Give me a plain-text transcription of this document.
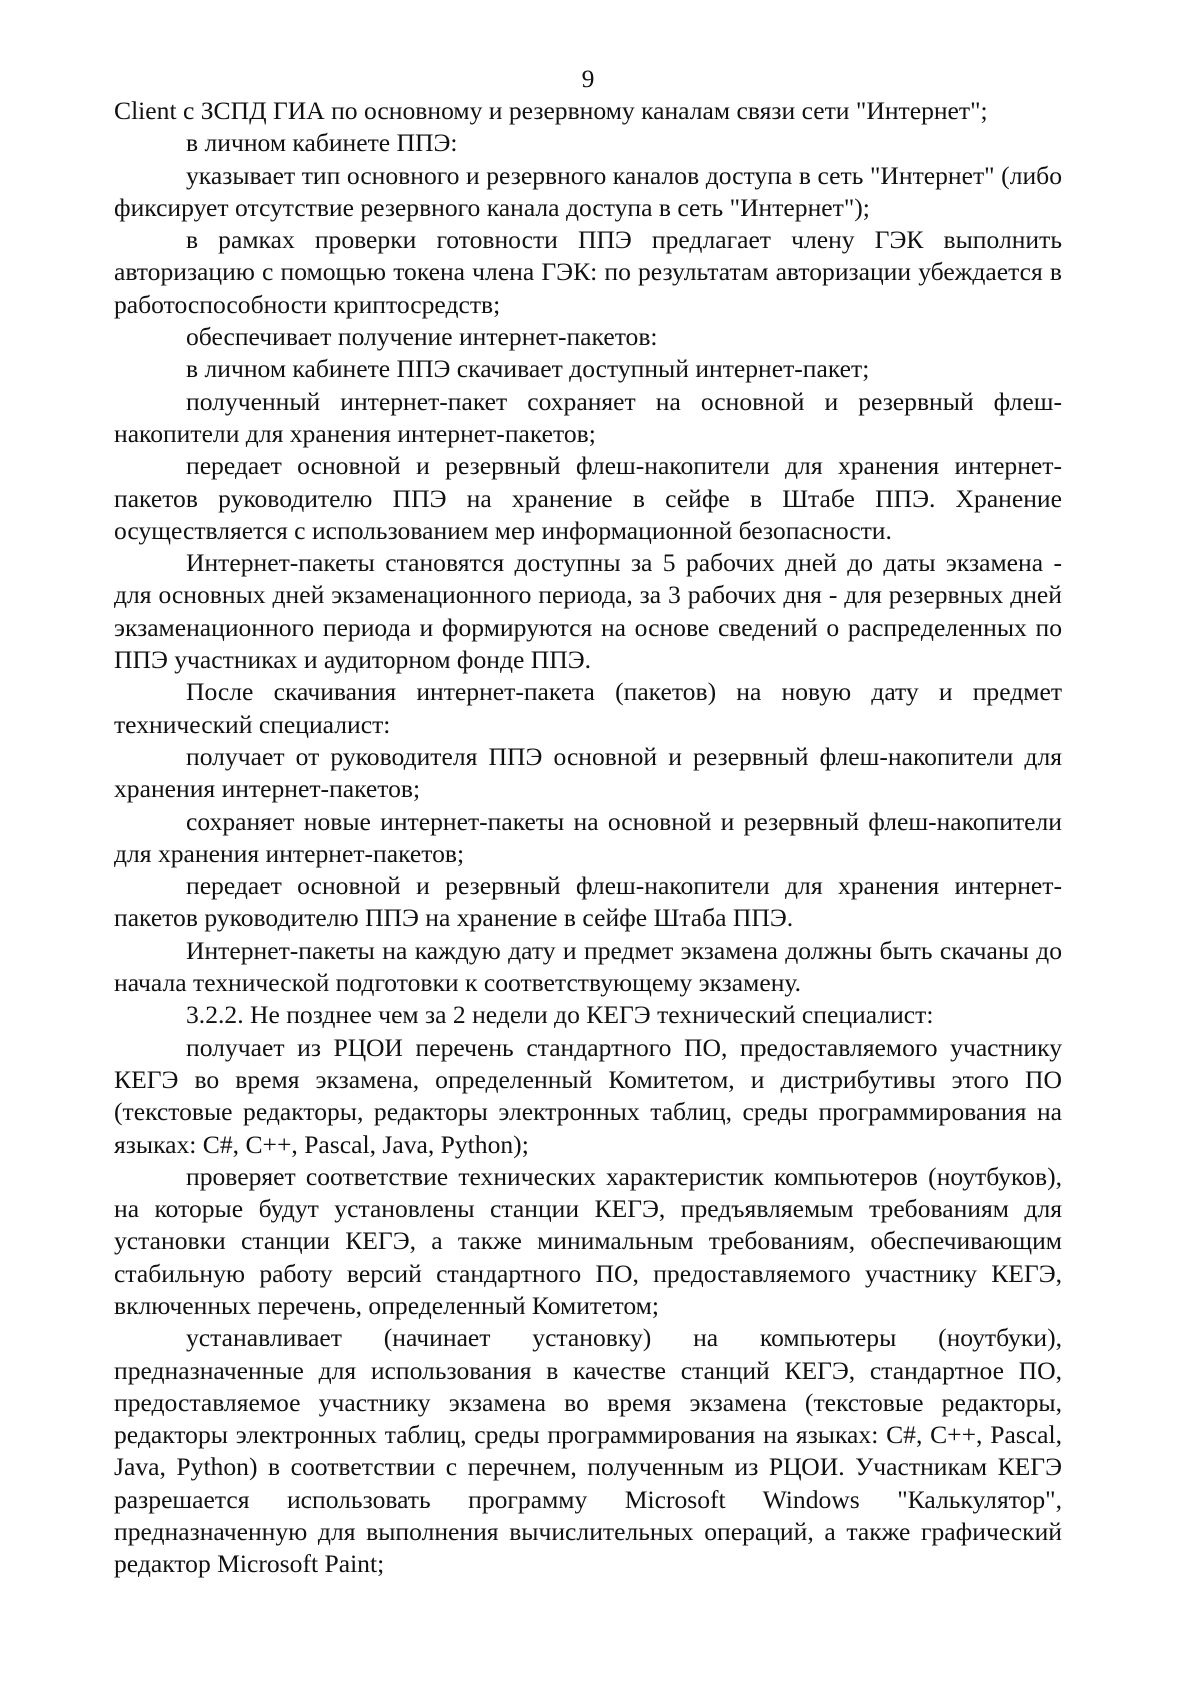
9

Client с ЗСПД ГИА по основному и резервному каналам связи сети "Интернет";

в личном кабинете ППЭ:

указывает тип основного и резервного каналов доступа в сеть "Интернет" (либо фиксирует отсутствие резервного канала доступа в сеть "Интернет");

в рамках проверки готовности ППЭ предлагает члену ГЭК выполнить авторизацию с помощью токена члена ГЭК: по результатам авторизации убеждается в работоспособности криптосредств;

обеспечивает получение интернет-пакетов:

в личном кабинете ППЭ скачивает доступный интернет-пакет;

полученный интернет-пакет сохраняет на основной и резервный флеш-накопители для хранения интернет-пакетов;

передает основной и резервный флеш-накопители для хранения интернет-пакетов руководителю ППЭ на хранение в сейфе в Штабе ППЭ. Хранение осуществляется с использованием мер информационной безопасности.

Интернет-пакеты становятся доступны за 5 рабочих дней до даты экзамена - для основных дней экзаменационного периода, за 3 рабочих дня - для резервных дней экзаменационного периода и формируются на основе сведений о распределенных по ППЭ участниках и аудиторном фонде ППЭ.

После скачивания интернет-пакета (пакетов) на новую дату и предмет технический специалист:

получает от руководителя ППЭ основной и резервный флеш-накопители для хранения интернет-пакетов;

сохраняет новые интернет-пакеты на основной и резервный флеш-накопители для хранения интернет-пакетов;

передает основной и резервный флеш-накопители для хранения интернет-пакетов руководителю ППЭ на хранение в сейфе Штаба ППЭ.

Интернет-пакеты на каждую дату и предмет экзамена должны быть скачаны до начала технической подготовки к соответствующему экзамену.

3.2.2. Не позднее чем за 2 недели до КЕГЭ технический специалист:

получает из РЦОИ перечень стандартного ПО, предоставляемого участнику КЕГЭ во время экзамена, определенный Комитетом, и дистрибутивы этого ПО (текстовые редакторы, редакторы электронных таблиц, среды программирования на языках: C#, C++, Pascal, Java, Python);

проверяет соответствие технических характеристик компьютеров (ноутбуков), на которые будут установлены станции КЕГЭ, предъявляемым требованиям для установки станции КЕГЭ, а также минимальным требованиям, обеспечивающим стабильную работу версий стандартного ПО, предоставляемого участнику КЕГЭ, включенных перечень, определенный Комитетом;

устанавливает (начинает установку) на компьютеры (ноутбуки), предназначенные для использования в качестве станций КЕГЭ, стандартное ПО, предоставляемое участнику экзамена во время экзамена (текстовые редакторы, редакторы электронных таблиц, среды программирования на языках: C#, C++, Pascal, Java, Python) в соответствии с перечнем, полученным из РЦОИ. Участникам КЕГЭ разрешается использовать программу Microsoft Windows "Калькулятор", предназначенную для выполнения вычислительных операций, а также графический редактор Microsoft Paint;
